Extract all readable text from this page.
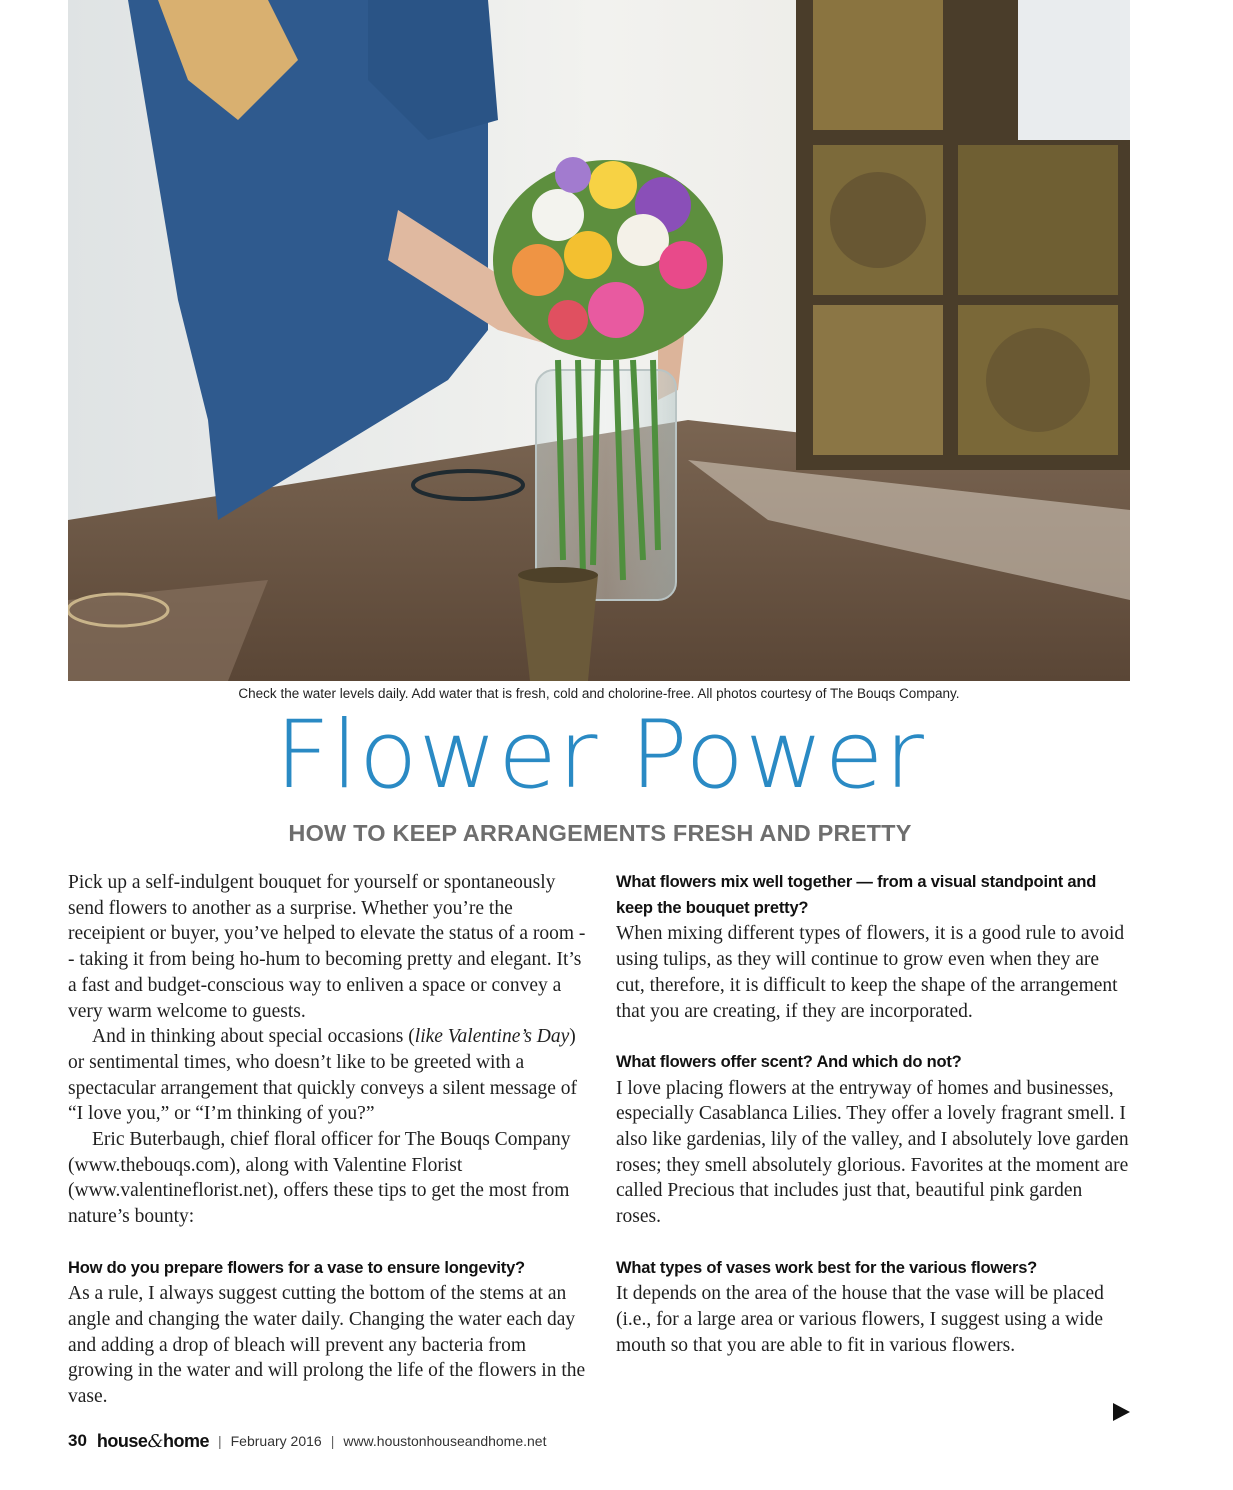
Check the water levels daily. Add water that is fresh, cold and cholorine-free. All photos courtesy of The Bouqs Company.
Flower Power
HOW TO KEEP ARRANGEMENTS FRESH AND PRETTY

Pick up a self-indulgent bouquet for yourself or spontaneously send flowers to another as a surprise. Whether you’re the receipient or buyer, you’ve helped to elevate the status of a room -- taking it from being ho-hum to becoming pretty and elegant. It’s a fast and budget-conscious way to enliven a space or convey a very warm welcome to guests.

And in thinking about special occasions (like Valentine’s Day) or sentimental times, who doesn’t like to be greeted with a spectacular arrangement that quickly conveys a silent message of “I love you,” or “I’m thinking of you?”

Eric Buterbaugh, chief floral officer for The Bouqs Company (www.thebouqs.com), along with Valentine Florist (www.valentineflorist.net), offers these tips to get the most from nature’s bounty:

How do you prepare flowers for a vase to ensure longevity?

As a rule, I always suggest cutting the bottom of the stems at an angle and changing the water daily. Changing the water each day and adding a drop of bleach will prevent any bacteria from growing in the water and will prolong the life of the flowers in the vase.

What flowers mix well together — from a visual standpoint and keep the bouquet pretty?

When mixing different types of flowers, it is a good rule to avoid using tulips, as they will continue to grow even when they are cut, therefore, it is difficult to keep the shape of the arrangement that you are creating, if they are incorporated.

What flowers offer scent? And which do not?

I love placing flowers at the entryway of homes and businesses, especially Casablanca Lilies. They offer a lovely fragrant smell. I also like gardenias, lily of the valley, and I absolutely love garden roses; they smell absolutely glorious. Favorites at the moment are called Precious that includes just that, beautiful pink garden roses.

What types of vases work best for the various flowers?

It depends on the area of the house that the vase will be placed (i.e., for a large area or various flowers, I suggest using a wide mouth so that you are able to fit in various flowers.

30 house&home | February 2016 | www.houstonhouseandhome.net
